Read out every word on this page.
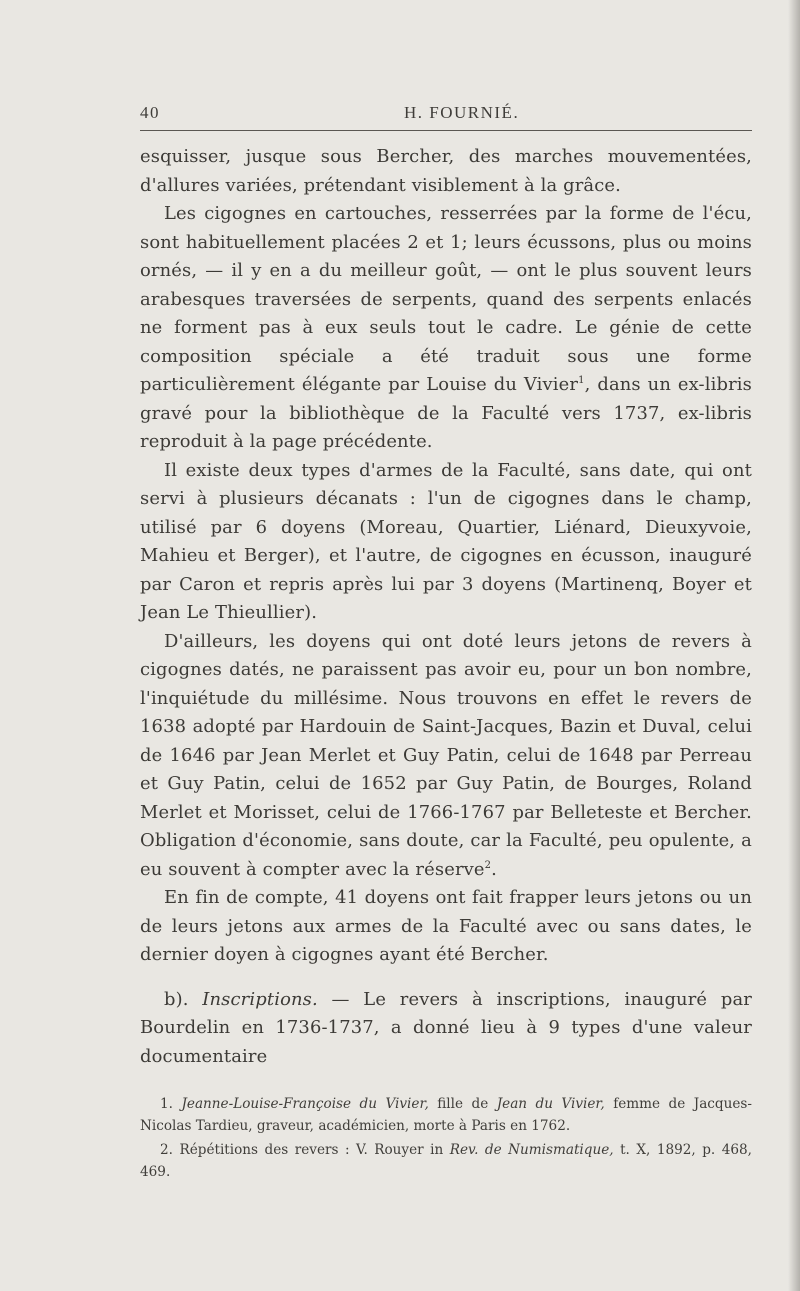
40	H. FOURNIÉ.

esquisser, jusque sous Bercher, des marches mouvementées, d'allures variées, prétendant visiblement à la grâce.

Les cigognes en cartouches, resserrées par la forme de l'écu, sont habituellement placées 2 et 1; leurs écussons, plus ou moins ornés, — il y en a du meilleur goût, — ont le plus souvent leurs arabesques traversées de serpents, quand des serpents enlacés ne forment pas à eux seuls tout le cadre. Le génie de cette composition spéciale a été traduit sous une forme particulièrement élégante par Louise du Vivier$^1$, dans un ex-libris gravé pour la bibliothèque de la Faculté vers 1737, ex-libris reproduit à la page précédente.

Il existe deux types d'armes de la Faculté, sans date, qui ont servi à plusieurs décanats : l'un de cigognes dans le champ, utilisé par 6 doyens (Moreau, Quartier, Liénard, Dieuxyvoie, Mahieu et Berger), et l'autre, de cigognes en écusson, inauguré par Caron et repris après lui par 3 doyens (Martinenq, Boyer et Jean Le Thieullier).

D'ailleurs, les doyens qui ont doté leurs jetons de revers à cigognes datés, ne paraissent pas avoir eu, pour un bon nombre, l'inquiétude du millésime. Nous trouvons en effet le revers de 1638 adopté par Hardouin de Saint-Jacques, Bazin et Duval, celui de 1646 par Jean Merlet et Guy Patin, celui de 1648 par Perreau et Guy Patin, celui de 1652 par Guy Patin, de Bourges, Roland Merlet et Morisset, celui de 1766-1767 par Belleteste et Bercher. Obligation d'économie, sans doute, car la Faculté, peu opulente, a eu souvent à compter avec la réserve$^2$.

En fin de compte, 41 doyens ont fait frapper leurs jetons ou un de leurs jetons aux armes de la Faculté avec ou sans dates, le dernier doyen à cigognes ayant été Bercher.

b). Inscriptions. — Le revers à inscriptions, inauguré par Bourdelin en 1736-1737, a donné lieu à 9 types d'une valeur documentaire

1. Jeanne-Louise-Françoise du Vivier, fille de Jean du Vivier, femme de Jacques-Nicolas Tardieu, graveur, académicien, morte à Paris en 1762.

2. Répétitions des revers : V. Rouyer in Rev. de Numismatique, t. X, 1892, p. 468, 469.
